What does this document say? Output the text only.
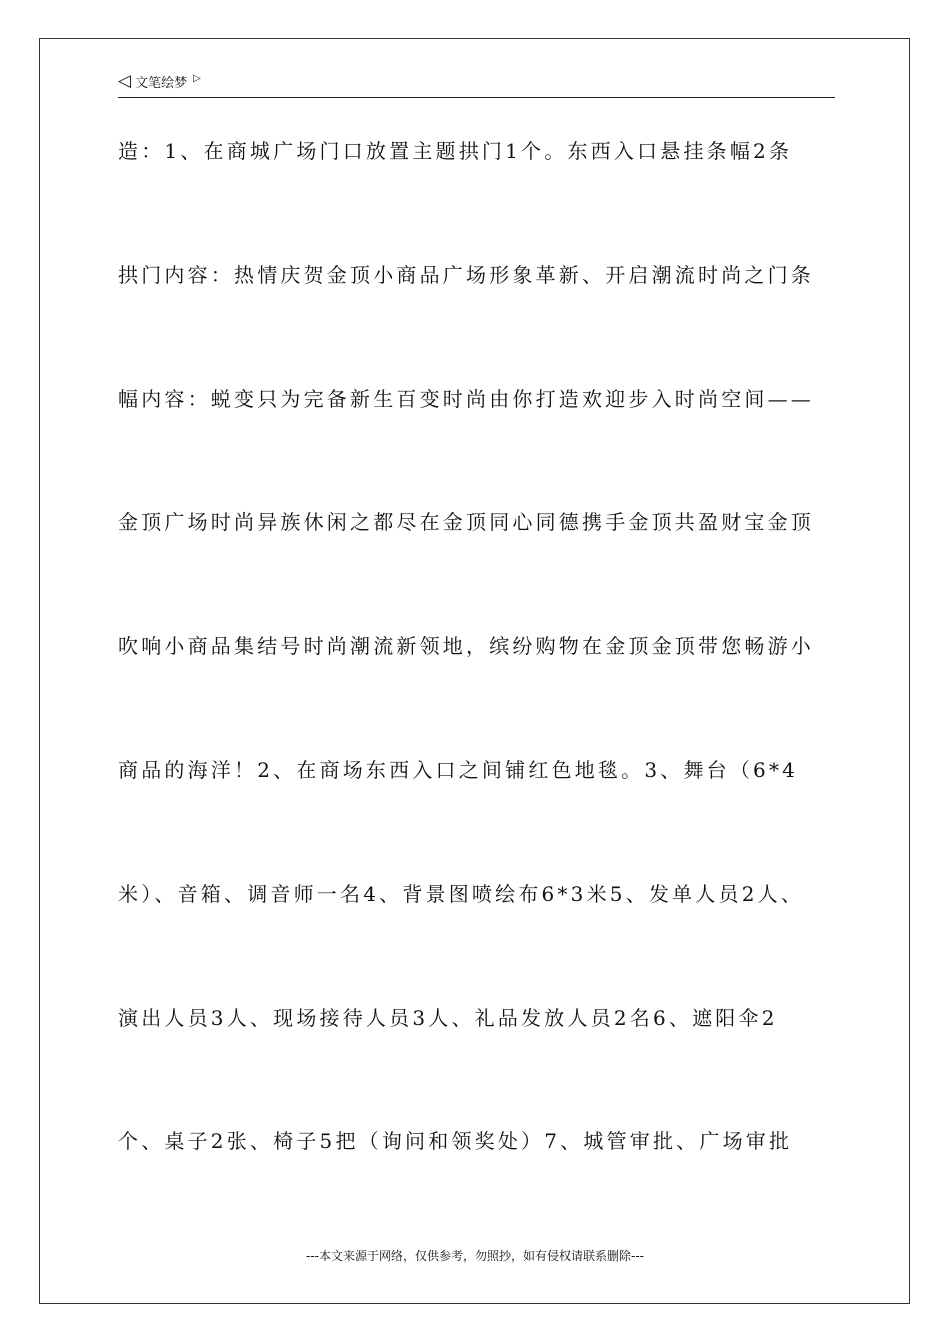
◁ 文笔绘梦 ▷
造：1、在商城广场门口放置主题拱门1个。东西入口悬挂条幅2条
拱门内容：热情庆贺金顶小商品广场形象革新、开启潮流时尚之门条
幅内容：蜕变只为完备新生百变时尚由你打造欢迎步入时尚空间——
金顶广场时尚异族休闲之都尽在金顶同心同德携手金顶共盈财宝金顶
吹响小商品集结号时尚潮流新领地，缤纷购物在金顶金顶带您畅游小
商品的海洋！2、在商场东西入口之间铺红色地毯。3、舞台（6*4
米）、音箱、调音师一名4、背景图喷绘布6*3米5、发单人员2人、
演出人员3人、现场接待人员3人、礼品发放人员2名6、遮阳伞2
个、桌子2张、椅子5把（询问和领奖处）7、城管审批、广场审批
---本文来源于网络，仅供参考，勿照抄，如有侵权请联系删除---
